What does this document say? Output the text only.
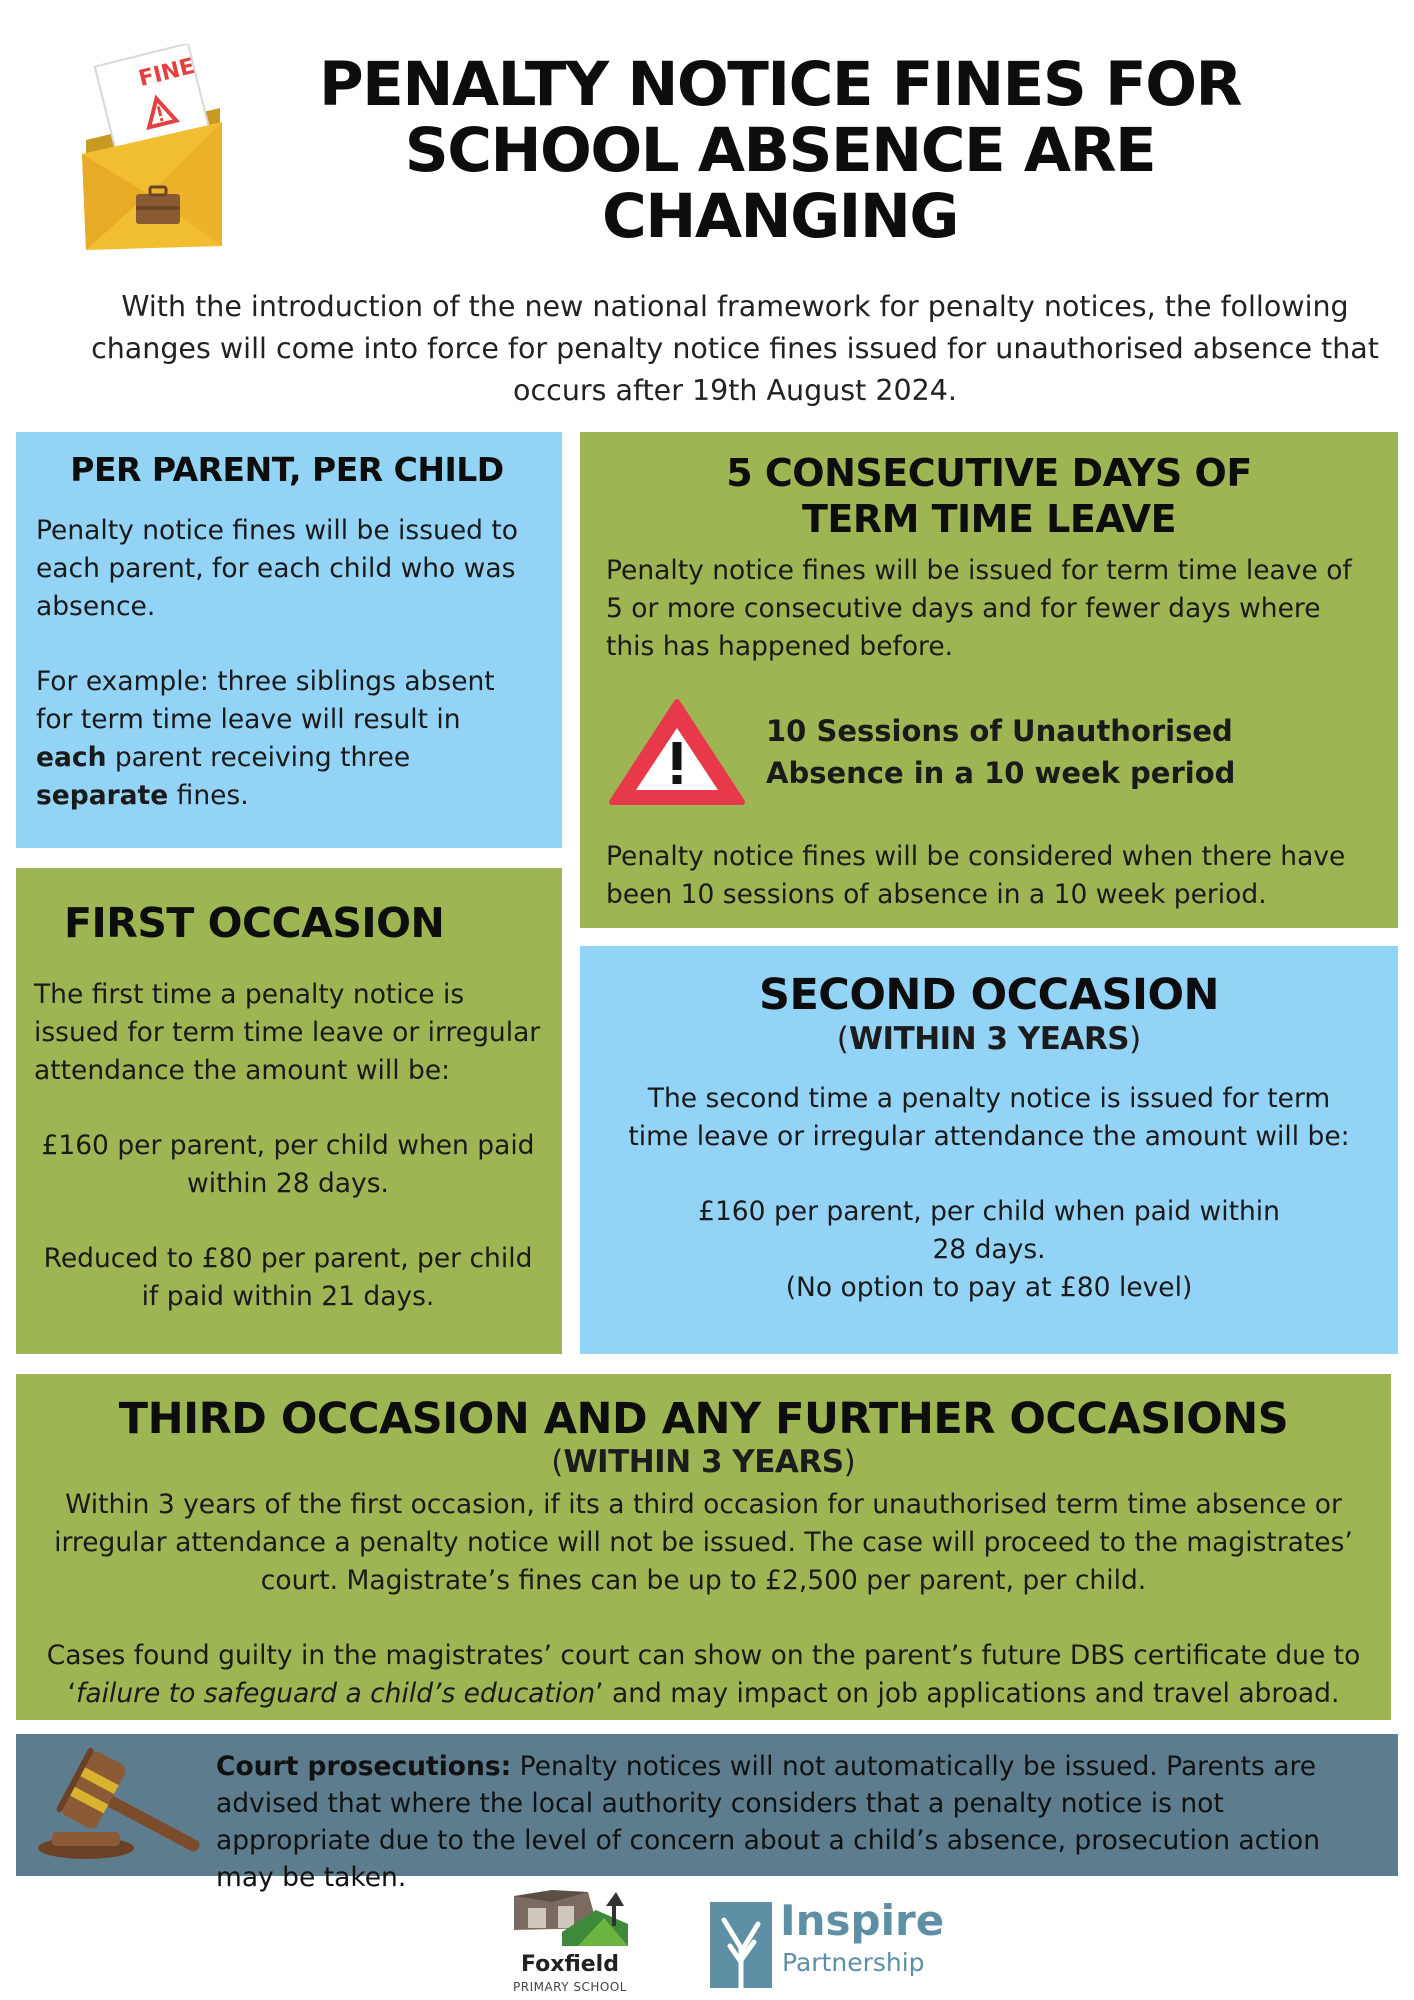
FINE	PENALTY NOTICE FINES FOR SCHOOL ABSENCE ARE CHANGING
With the introduction of the new national framework for penalty notices, the following changes will come into force for penalty notice fines issued for unauthorised absence that occurs after 19th August 2024.
PER PARENT, PER CHILD

Penalty notice fines will be issued to each parent, for each child who was absence.

For example: three siblings absent for term time leave will result in each parent receiving three separate fines.

5 CONSECUTIVE DAYS OF
TERM TIME LEAVE

Penalty notice fines will be issued for term time leave of 5 or more consecutive days and for fewer days where this has happened before.

10 Sessions of Unauthorised
Absence in a 10 week period

Penalty notice fines will be considered when there have been 10 sessions of absence in a 10 week period.

FIRST OCCASION

The first time a penalty notice is issued for term time leave or irregular attendance the amount will be:

£160 per parent, per child when paid within 28 days.

Reduced to £80 per parent, per child if paid within 21 days.

SECOND OCCASION

(WITHIN 3 YEARS)

The second time a penalty notice is issued for term time leave or irregular attendance the amount will be:

£160 per parent, per child when paid within
28 days.
(No option to pay at £80 level)

THIRD OCCASION AND ANY FURTHER OCCASIONS

(WITHIN 3 YEARS)

Within 3 years of the first occasion, if its a third occasion for unauthorised term time absence or irregular attendance a penalty notice will not be issued. The case will proceed to the magistrates’ court. Magistrate’s fines can be up to £2,500 per parent, per child.

Cases found guilty in the magistrates’ court can show on the parent’s future DBS certificate due to ‘failure to safeguard a child’s education’ and may impact on job applications and travel abroad.

Court prosecutions: Penalty notices will not automatically be issued. Parents are advised that where the local authority considers that a penalty notice is not appropriate due to the level of concern about a child’s absence, prosecution action may be taken.

Foxfield
PRIMARY SCHOOL
Inspire
Partnership
